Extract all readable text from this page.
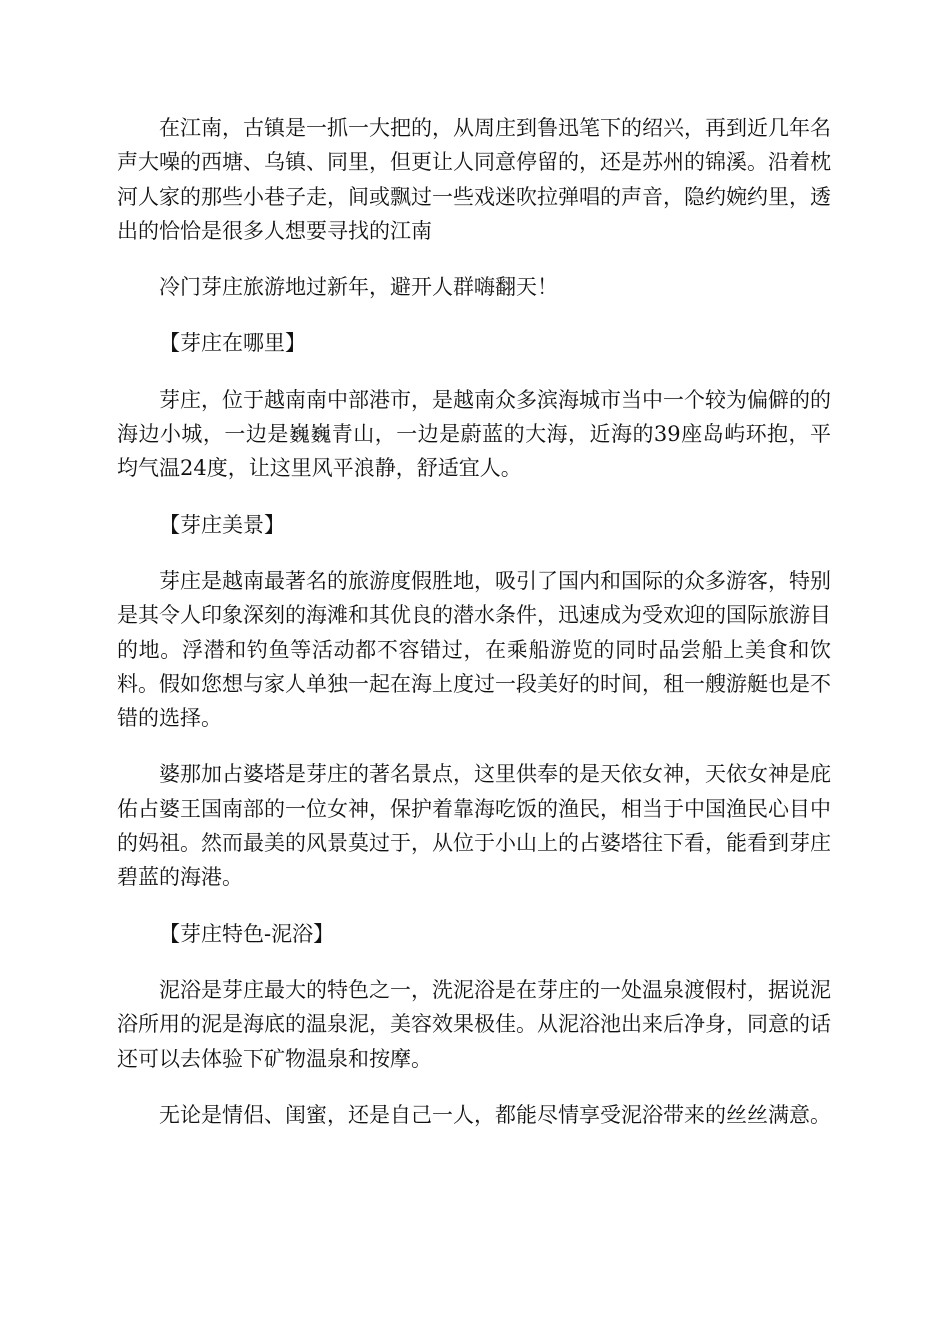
在江南，古镇是一抓一大把的，从周庄到鲁迅笔下的绍兴，再到近几年名声大噪的西塘、乌镇、同里，但更让人同意停留的，还是苏州的锦溪。沿着枕河人家的那些小巷子走，间或飘过一些戏迷吹拉弹唱的声音，隐约婉约里，透出的恰恰是很多人想要寻找的江南

冷门芽庄旅游地过新年，避开人群嗨翻天！

【芽庄在哪里】

芽庄，位于越南南中部港市，是越南众多滨海城市当中一个较为偏僻的的海边小城，一边是巍巍青山，一边是蔚蓝的大海，近海的39座岛屿环抱，平均气温24度，让这里风平浪静，舒适宜人。

【芽庄美景】

芽庄是越南最著名的旅游度假胜地，吸引了国内和国际的众多游客，特别是其令人印象深刻的海滩和其优良的潜水条件，迅速成为受欢迎的国际旅游目的地。浮潜和钓鱼等活动都不容错过，在乘船游览的同时品尝船上美食和饮料。假如您想与家人单独一起在海上度过一段美好的时间，租一艘游艇也是不错的选择。

婆那加占婆塔是芽庄的著名景点，这里供奉的是天依女神，天依女神是庇佑占婆王国南部的一位女神，保护着靠海吃饭的渔民，相当于中国渔民心目中的妈祖。然而最美的风景莫过于，从位于小山上的占婆塔往下看，能看到芽庄碧蓝的海港。

【芽庄特色-泥浴】

泥浴是芽庄最大的特色之一，洗泥浴是在芽庄的一处温泉渡假村，据说泥浴所用的泥是海底的温泉泥，美容效果极佳。从泥浴池出来后净身，同意的话还可以去体验下矿物温泉和按摩。

无论是情侣、闺蜜，还是自己一人，都能尽情享受泥浴带来的丝丝满意。
